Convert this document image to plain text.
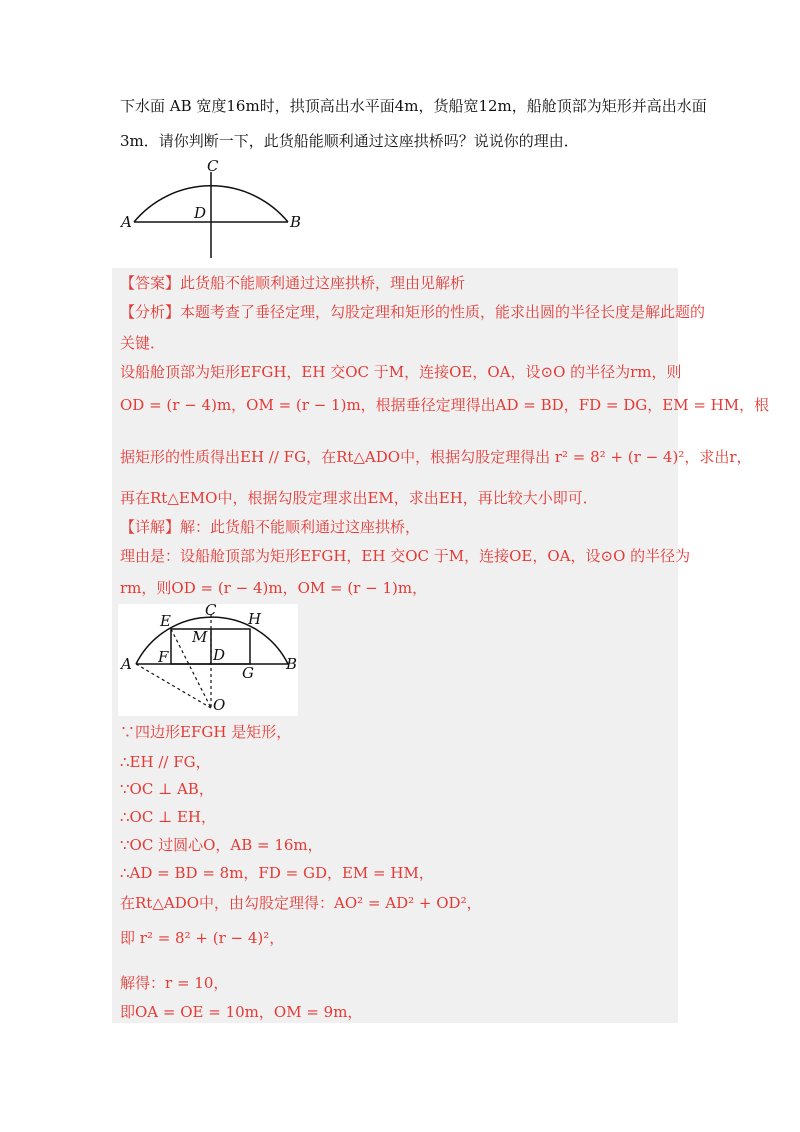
下水面 AB 宽度16m时，拱顶高出水平面4m，货船宽12m，船舱顶部为矩形并高出水面
3m．请你判断一下，此货船能顺利通过这座拱桥吗？说说你的理由．
C
D
A	B
【答案】此货船不能顺利通过这座拱桥，理由见解析
【分析】本题考查了垂径定理，勾股定理和矩形的性质，能求出圆的半径长度是解此题的
关键．
设船舱顶部为矩形EFGH，EH 交OC 于M，连接OE，OA，设⊙O 的半径为rm，则
OD = (r − 4)m，OM = (r − 1)m，根据垂径定理得出AD = BD，FD = DG，EM = HM，根
据矩形的性质得出EH // FG，在Rt△ADO中，根据勾股定理得出 r² = 8² + (r − 4)²，求出r，
再在Rt△EMO中，根据勾股定理求出EM，求出EH，再比较大小即可．
【详解】解：此货船不能顺利通过这座拱桥，
理由是：设船舱顶部为矩形EFGH，EH 交OC 于M，连接OE，OA，设⊙O 的半径为
rm，则OD = (r − 4)m，OM = (r − 1)m，
E
C H
M
A F	D	B
G
O
∵四边形EFGH 是矩形，
∴EH // FG，
∵OC ⊥ AB，
∴OC ⊥ EH，
∵OC 过圆心O，AB = 16m，
∴AD = BD = 8m，FD = GD，EM = HM，
在Rt△ADO中，由勾股定理得：AO² = AD² + OD²，
即 r² = 8² + (r − 4)²，
解得：r = 10，
即OA = OE = 10m，OM = 9m，
